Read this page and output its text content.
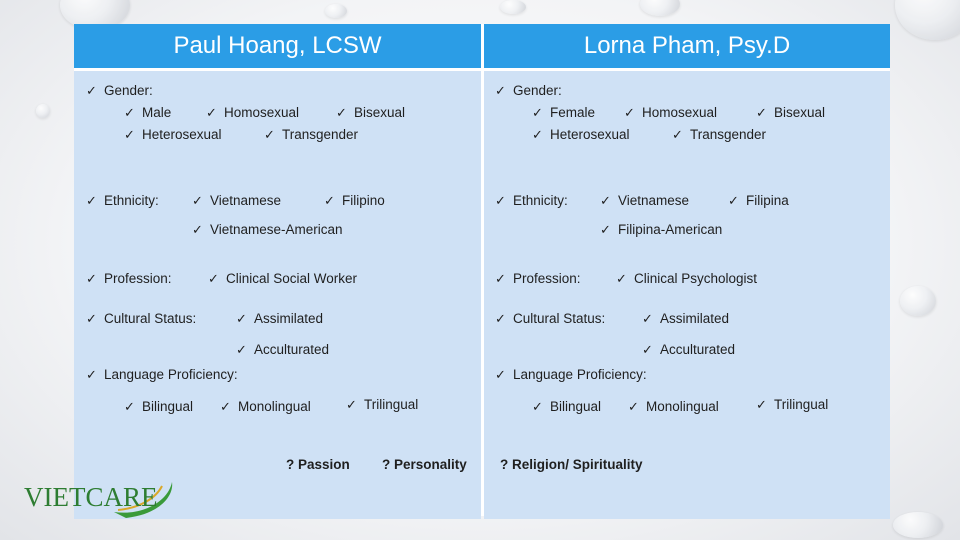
Paul Hoang, LCSW	Lorna Pham, Psy.D
✓ Gender:
✓ Male	✓ Homosexual	✓ Bisexual
✓ Heterosexual	✓ Transgender
✓ Ethnicity:	✓ Vietnamese	✓ Filipino
✓ Vietnamese-American
✓ Profession:	✓ Clinical Social Worker
✓ Cultural Status:	✓ Assimilated
✓ Acculturated
✓ Language Proficiency:
✓ Bilingual ✓ Monolingual	✓ Trilingual
? Passion ? Personality
✓ Gender:
✓ Female ✓ Homosexual	✓ Bisexual
✓ Heterosexual	✓ Transgender
✓ Ethnicity: ✓ Vietnamese	✓ Filipina
✓ Filipina-American
✓ Profession:	✓ Clinical Psychologist
✓ Cultural Status:	✓ Assimilated
✓ Acculturated
✓ Language Proficiency:
✓ Bilingual ✓ Monolingual	✓ Trilingual
? Religion/ Spirituality
VIETCARE
